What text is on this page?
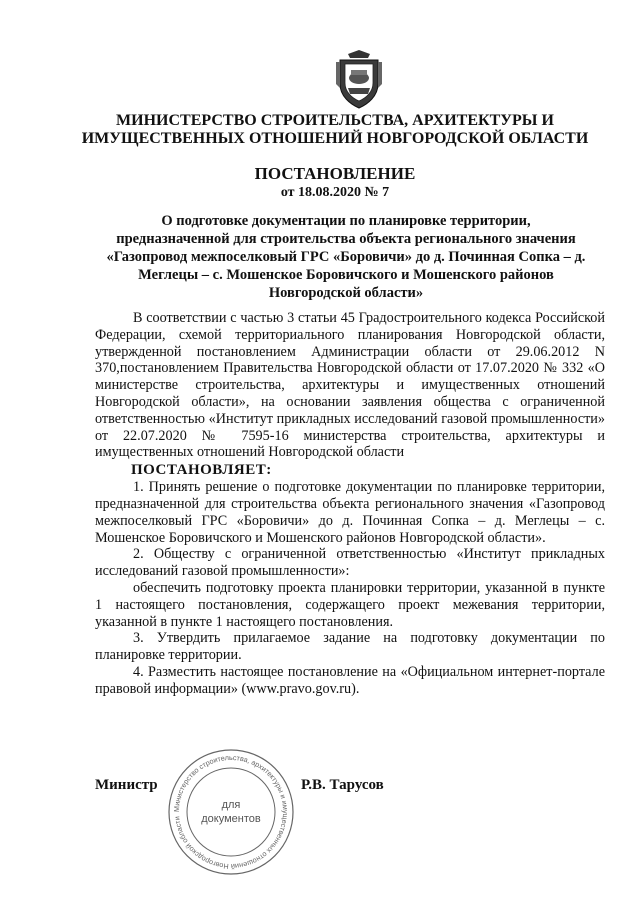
МИНИСТЕРСТВО СТРОИТЕЛЬСТВА, АРХИТЕКТУРЫ И
ИМУЩЕСТВЕННЫХ ОТНОШЕНИЙ НОВГОРОДСКОЙ ОБЛАСТИ
ПОСТАНОВЛЕНИЕ
от 18.08.2020 № 7
О подготовке документации по планировке территории,
предназначенной для строительства объекта регионального значения
«Газопровод межпоселковый ГРС «Боровичи» до д. Починная Сопка – д.
Меглецы – с. Мошенское Боровичского и Мошенского районов
Новгородской области»

В соответствии с частью 3 статьи 45 Градостроительного кодекса Российской Федерации, схемой территориального планирования Новгородской области, утвержденной постановлением Администрации области от 29.06.2012 N 370,постановлением Правительства Новгородской области от 17.07.2020 № 332 «О министерстве строительства, архитектуры и имущественных отношений Новгородской области», на основании заявления общества с ограниченной ответственностью «Институт прикладных исследований газовой промышленности» от 22.07.2020 № 7595-16 министерства строительства, архитектуры и имущественных отношений Новгородской области

ПОСТАНОВЛЯЕТ:

1. Принять решение о подготовке документации по планировке территории, предназначенной для строительства объекта регионального значения «Газопровод межпоселковый ГРС «Боровичи» до д. Починная Сопка – д. Меглецы – с. Мошенское Боровичского и Мошенского районов Новгородской области».

2. Обществу с ограниченной ответственностью «Институт прикладных исследований газовой промышленности»:

обеспечить подготовку проекта планировки территории, указанной в пункте 1 настоящего постановления, содержащего проект межевания территории, указанной в пункте 1 настоящего постановления.

3. Утвердить прилагаемое задание на подготовку документации по планировке территории.

4. Разместить настоящее постановление на «Официальном интернет-портале правовой информации» (www.pravo.gov.ru).

Министр	Р.В. Тарусов
Министерство строительства, архитектуры и имущественных отношений Новгородской области
для
документов
